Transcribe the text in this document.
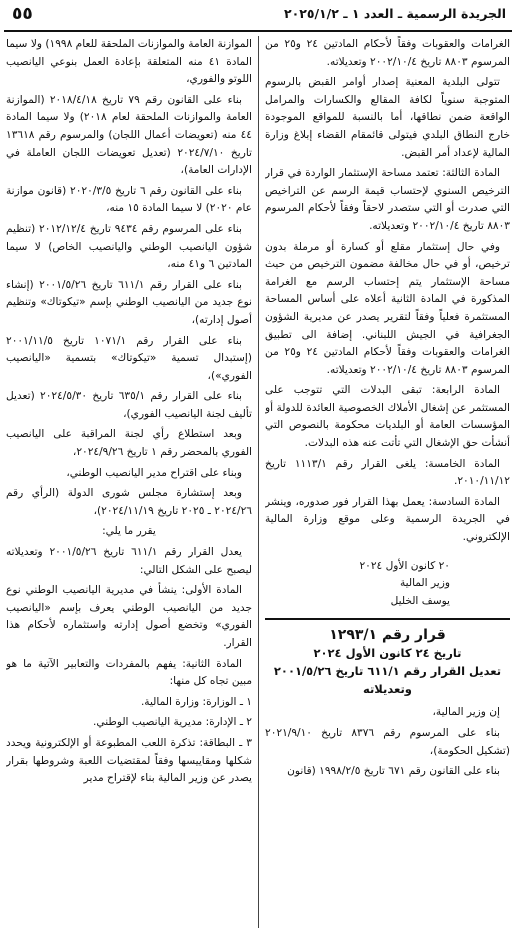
الجريدة الرسمية ـ العدد ١ ـ ٢٠٢٥/١/٢
٥٥

الغرامات والعقوبات وفقاً لأحكام المادتين ٢٤ و٢٥ من المرسوم ٨٨٠٣ تاريخ ٢٠٠٢/١٠/٤ وتعديلاته.

تتولى البلدية المعنية إصدار أوامر القبض بالرسوم المتوجبة سنوياً لكافة المقالع والكسارات والمرامل الواقعة ضمن نطاقها، أما بالنسبة للمواقع الموجودة خارج النطاق البلدي فيتولى قائمقام القضاء إبلاغ وزارة المالية لإعداد أمر القبض.

المادة الثالثة: تعتمد مساحة الإستثمار الواردة في قرار الترخيص السنوي لإحتساب قيمة الرسم عن التراخيص التي صدرت أو التي ستصدر لاحقاً وفقاً لأحكام المرسوم ٨٨٠٣ تاريخ ٢٠٠٢/١٠/٤ وتعديلاته.

وفي حال إستثمار مقلع أو كسارة أو مرملة بدون ترخيص، أو في حال مخالفة مضمون الترخيص من حيث مساحة الإستثمار يتم إحتساب الرسم مع الغرامة المذكورة في المادة الثانية أعلاه على أساس المساحة المستثمرة فعلياً وفقاً لتقرير يصدر عن مديرية الشؤون الجغرافية في الجيش اللبناني. إضافة الى تطبيق الغرامات والعقوبات وفقاً لأحكام المادتين ٢٤ و٢٥ من المرسوم ٨٨٠٣ تاريخ ٢٠٠٢/١٠/٤ وتعديلاته.

المادة الرابعة: تبقى البدلات التي تتوجب على المستثمر عن إشغال الأملاك الخصوصية العائدة للدولة أو المؤسسات العامة أو البلديات محكومة بالنصوص التي أنشأت حق الإشغال التي تأتت عنه هذه البدلات.

المادة الخامسة: يلغى القرار رقم ١١١٣/١ تاريخ ٢٠١٠/١١/١٢.

المادة السادسة: يعمل بهذا القرار فور صدوره، وينشر في الجريدة الرسمية وعلى موقع وزارة المالية الإلكتروني.

٢٠ كانون الأول ٢٠٢٤

وزير المالية

يوسف الخليل

قرار رقم ١٢٩٣/١
تاريخ ٢٤ كانون الأول ٢٠٢٤
تعديل القرار رقم ٦١١/١ تاريخ ٢٠٠١/٥/٢٦
وتعديلاته

إن وزير المالية،

بناء على المرسوم رقم ٨٣٧٦ تاريخ ٢٠٢١/٩/١٠ (تشكيل الحكومة)،

بناء على القانون رقم ٦٧١ تاريخ ١٩٩٨/٢/٥ (قانون

الموازنة العامة والموازنات الملحقة للعام ١٩٩٨) ولا سيما المادة ٤١ منه المتعلقة بإعادة العمل بنوعي اليانصيب اللوتو والفوري،

بناء على القانون رقم ٧٩ تاريخ ٢٠١٨/٤/١٨ (الموازنة العامة والموازنات الملحقة لعام ٢٠١٨) ولا سيما المادة ٤٤ منه (تعويضات أعمال اللجان) والمرسوم رقم ١٣٦١٨ تاريخ ٢٠٢٤/٧/١٠ (تعديل تعويضات اللجان العاملة في الإدارات العامة)،

بناء على القانون رقم ٦ تاريخ ٢٠٢٠/٣/٥ (قانون موازنة عام ٢٠٢٠) لا سيما المادة ١٥ منه،

بناء على المرسوم رقم ٩٤٣٤ تاريخ ٢٠١٢/١٢/٤ (تنظيم شؤون اليانصيب الوطني واليانصيب الخاص) لا سيما المادتين ٦ و٤١ منه،

بناء على القرار رقم ٦١١/١ تاريخ ٢٠٠١/٥/٢٦ (إنشاء نوع جديد من اليانصيب الوطني بإسم «تيكوتاك» وتنظيم أصول إدارته)،

بناء على القرار رقم ١٠٧١/١ تاريخ ٢٠٠١/١١/٥ (إستبدال تسمية «تيكوتاك» بتسمية «اليانصيب الفوري»)،

بناء على القرار رقم ٦٣٥/١ تاريخ ٢٠٢٤/٥/٣٠ (تعديل تأليف لجنة اليانصيب الفوري)،

وبعد استطلاع رأي لجنة المراقبة على اليانصيب الفوري بالمحضر رقم ١ تاريخ ٢٠٢٤/٩/٢٦،

وبناء على اقتراح مدير اليانصيب الوطني،

وبعد إستشارة مجلس شورى الدولة (الرأي رقم ٢٠٢٤/٢٦ ـ ٢٠٢٥ تاريخ ٢٠٢٤/١١/١٩)،

يقرر ما يلي:

يعدل القرار رقم ٦١١/١ تاريخ ٢٠٠١/٥/٢٦ وتعديلاته ليصبح على الشكل التالي:

المادة الأولى: ينشأ في مديرية اليانصيب الوطني نوع جديد من اليانصيب الوطني يعرف بإسم «اليانصيب الفوري» وتخضع أصول إدارته واستثماره لأحكام هذا القرار.

المادة الثانية: يفهم بالمفردات والتعابير الآتية ما هو مبين تجاه كل منها:

١ ـ الوزارة: وزارة المالية.

٢ ـ الإدارة: مديرية اليانصيب الوطني.

٣ ـ البطاقة: تذكرة اللعب المطبوعة أو الإلكترونية ويحدد شكلها ومقاييسها وفقاً لمقتضيات اللعبة وشروطها بقرار يصدر عن وزير المالية بناء لإقتراح مدير
